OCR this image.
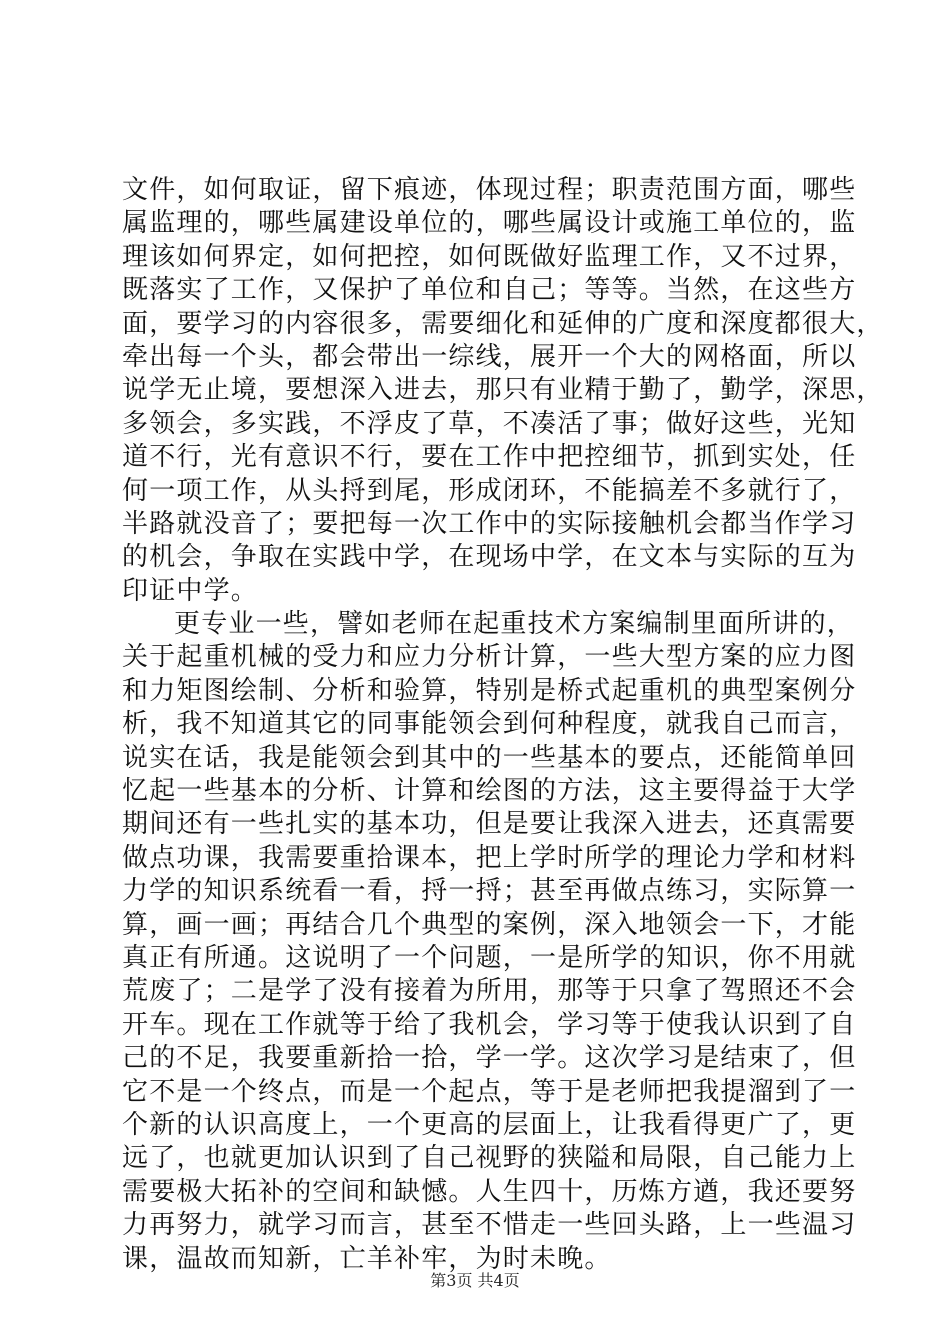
文件，如何取证，留下痕迹，体现过程；职责范围方面，哪些
属监理的，哪些属建设单位的，哪些属设计或施工单位的，监
理该如何界定，如何把控，如何既做好监理工作，又不过界，
既落实了工作，又保护了单位和自己；等等。当然，在这些方
面，要学习的内容很多，需要细化和延伸的广度和深度都很大，
牵出每一个头，都会带出一综线，展开一个大的网格面，所以
说学无止境，要想深入进去，那只有业精于勤了，勤学，深思，
多领会，多实践，不浮皮了草，不凑活了事；做好这些，光知
道不行，光有意识不行，要在工作中把控细节，抓到实处，任
何一项工作，从头捋到尾，形成闭环，不能搞差不多就行了，
半路就没音了；要把每一次工作中的实际接触机会都当作学习
的机会，争取在实践中学，在现场中学，在文本与实际的互为
印证中学。
更专业一些，譬如老师在起重技术方案编制里面所讲的，
关于起重机械的受力和应力分析计算，一些大型方案的应力图
和力矩图绘制、分析和验算，特别是桥式起重机的典型案例分
析，我不知道其它的同事能领会到何种程度，就我自己而言，
说实在话，我是能领会到其中的一些基本的要点，还能简单回
忆起一些基本的分析、计算和绘图的方法，这主要得益于大学
期间还有一些扎实的基本功，但是要让我深入进去，还真需要
做点功课，我需要重拾课本，把上学时所学的理论力学和材料
力学的知识系统看一看，捋一捋；甚至再做点练习，实际算一
算，画一画；再结合几个典型的案例，深入地领会一下，才能
真正有所通。这说明了一个问题，一是所学的知识，你不用就
荒废了；二是学了没有接着为所用，那等于只拿了驾照还不会
开车。现在工作就等于给了我机会，学习等于使我认识到了自
己的不足，我要重新拾一拾，学一学。这次学习是结束了，但
它不是一个终点，而是一个起点，等于是老师把我提溜到了一
个新的认识高度上，一个更高的层面上，让我看得更广了，更
远了，也就更加认识到了自己视野的狭隘和局限，自己能力上
需要极大拓补的空间和缺憾。人生四十，历炼方遒，我还要努
力再努力，就学习而言，甚至不惜走一些回头路，上一些温习
课，温故而知新，亡羊补牢，为时未晚。
第3页 共4页
